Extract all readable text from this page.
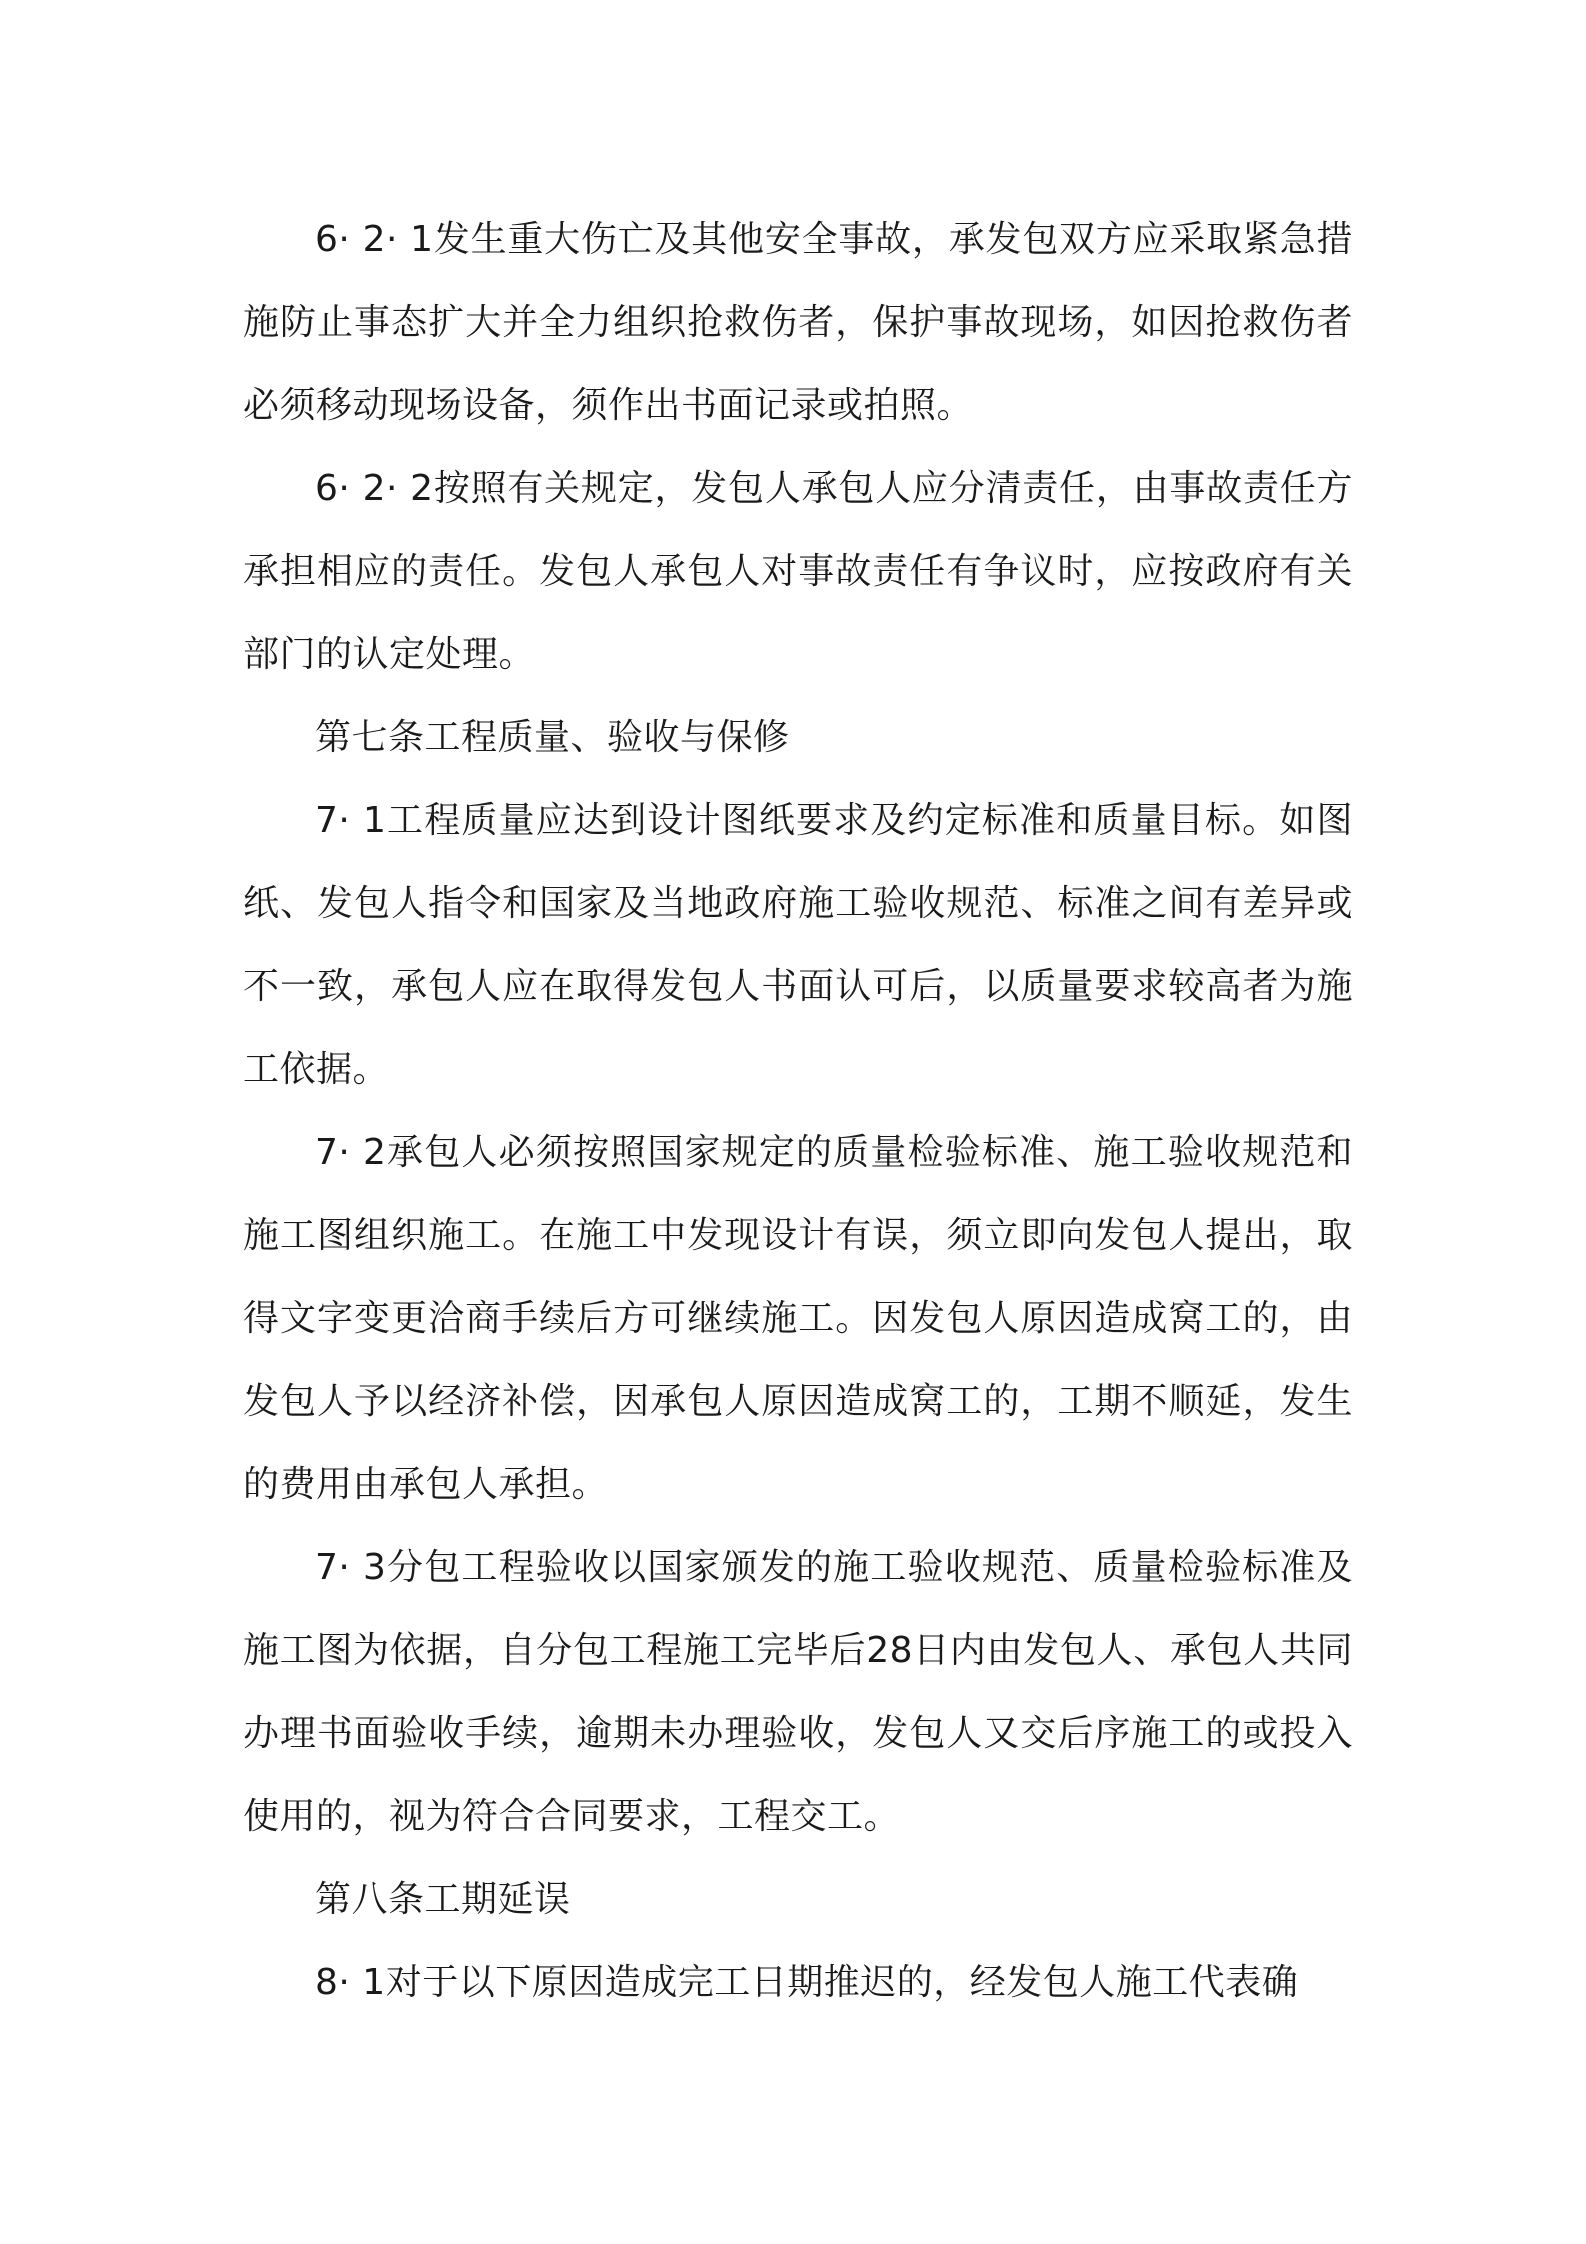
6· 2· 1发生重大伤亡及其他安全事故，承发包双方应采取紧急措施防止事态扩大并全力组织抢救伤者，保护事故现场，如因抢救伤者必须移动现场设备，须作出书面记录或拍照。

6· 2· 2按照有关规定，发包人承包人应分清责任，由事故责任方承担相应的责任。发包人承包人对事故责任有争议时，应按政府有关部门的认定处理。

第七条工程质量、验收与保修

7· 1工程质量应达到设计图纸要求及约定标准和质量目标。如图纸、发包人指令和国家及当地政府施工验收规范、标准之间有差异或不一致，承包人应在取得发包人书面认可后，以质量要求较高者为施工依据。

7· 2承包人必须按照国家规定的质量检验标准、施工验收规范和施工图组织施工。在施工中发现设计有误，须立即向发包人提出，取得文字变更洽商手续后方可继续施工。因发包人原因造成窝工的，由发包人予以经济补偿，因承包人原因造成窝工的，工期不顺延，发生的费用由承包人承担。

7· 3分包工程验收以国家颁发的施工验收规范、质量检验标准及施工图为依据，自分包工程施工完毕后28日内由发包人、承包人共同办理书面验收手续，逾期未办理验收，发包人又交后序施工的或投入使用的，视为符合合同要求，工程交工。

第八条工期延误

8· 1对于以下原因造成完工日期推迟的，经发包人施工代表确
